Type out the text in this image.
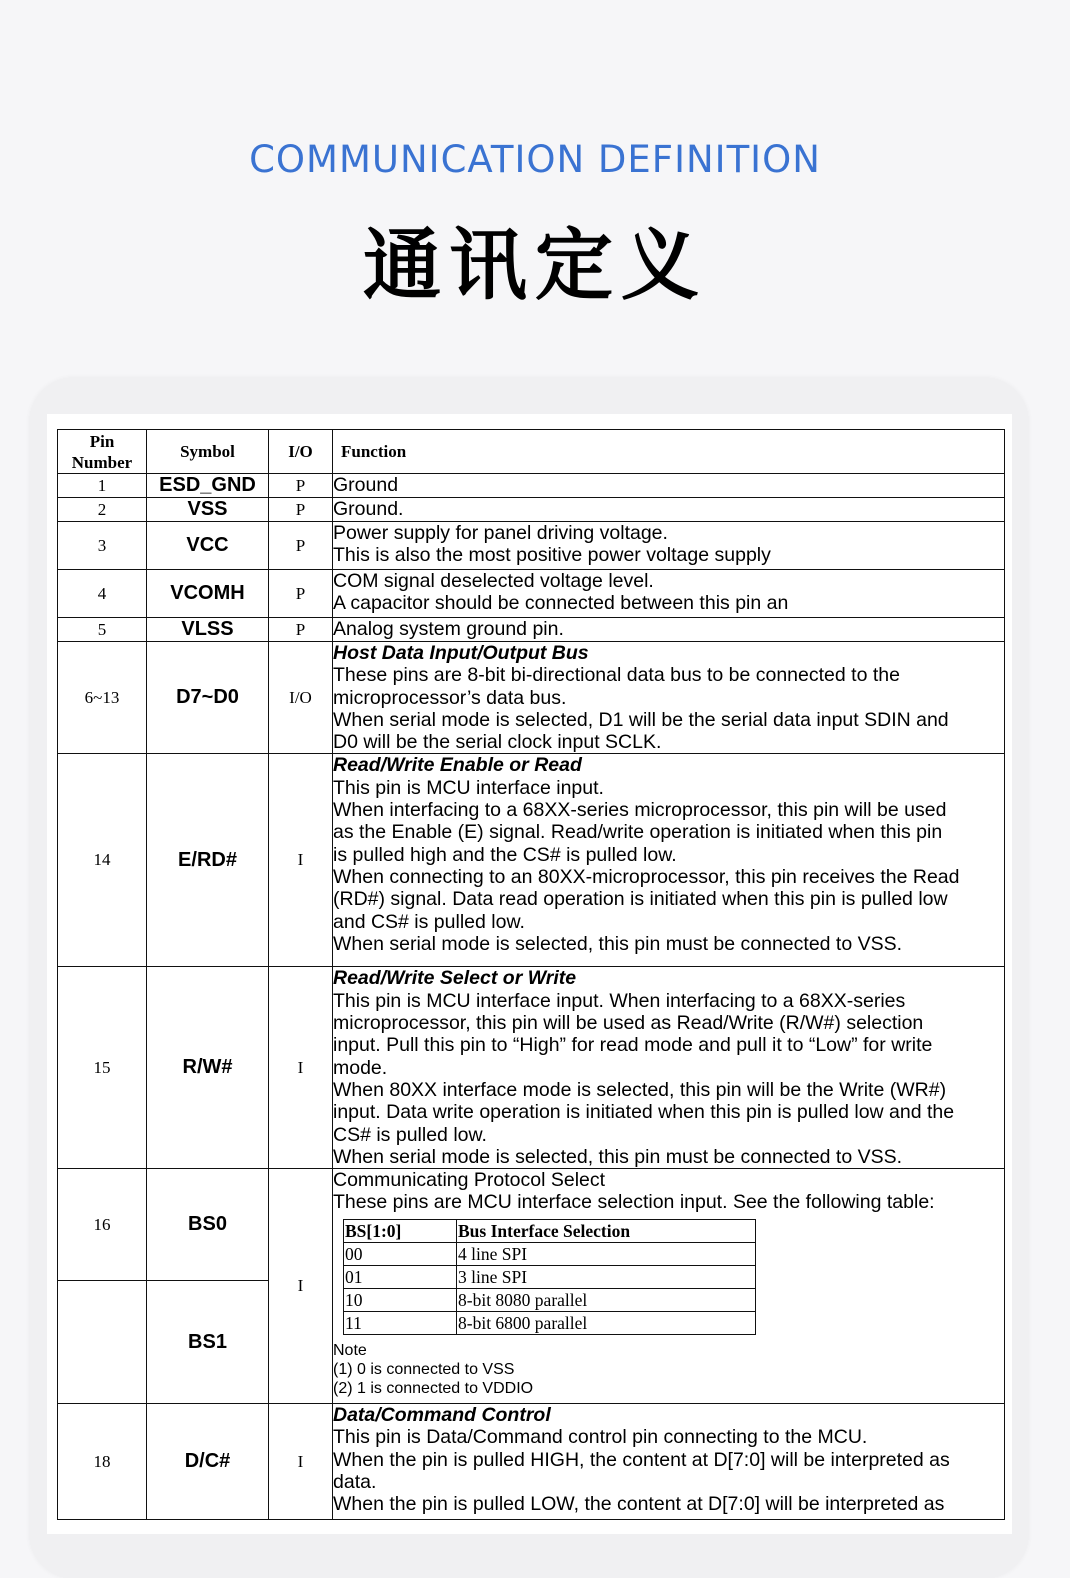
COMMUNICATION DEFINITION
通讯定义
Pin
Number
	Symbol	I/O	Function
1	ESD_GND	P	Ground

2	VSS	P	Ground.

3	VCC	P	
Power supply for panel driving voltage.
This is also the most positive power voltage supply

4	VCOMH	P	
COM signal deselected voltage level.
A capacitor should be connected between this pin an

5	VLSS	P	Analog system ground pin.

6~13	D7~D0	I/O	
Host Data Input/Output Bus
These pins are 8-bit bi-directional data bus to be connected to the
microprocessor’s data bus.
When serial mode is selected, D1 will be the serial data input SDIN and
D0 will be the serial clock input SCLK.

14	E/RD#	I	
Read/Write Enable or Read
This pin is MCU interface input.
When interfacing to a 68XX-series microprocessor, this pin will be used
as the Enable (E) signal. Read/write operation is initiated when this pin
is pulled high and the CS# is pulled low.
When connecting to an 80XX-microprocessor, this pin receives the Read
(RD#) signal. Data read operation is initiated when this pin is pulled low
and CS# is pulled low.
When serial mode is selected, this pin must be connected to VSS.

15	R/W#	I	
Read/Write Select or Write
This pin is MCU interface input. When interfacing to a 68XX-series
microprocessor, this pin will be used as Read/Write (R/W#) selection
input. Pull this pin to “High” for read mode and pull it to “Low” for write
mode.
When 80XX interface mode is selected, this pin will be the Write (WR#)
input. Data write operation is initiated when this pin is pulled low and the
CS# is pulled low.
When serial mode is selected, this pin must be connected to VSS.

16	BS0	I	
Communicating Protocol Select
These pins are MCU interface selection input. See the following table:
BS[1:0]	Bus Interface Selection
00	4 line SPI
01	3 line SPI
10	8-bit 8080 parallel
11	8-bit 6800 parallel
Note
(1) 0 is connected to VSS
(2) 1 is connected to VDDIO

	BS1
18	D/C#	I	
Data/Command Control
This pin is Data/Command control pin connecting to the MCU.
When the pin is pulled HIGH, the content at D[7:0] will be interpreted as
data.
When the pin is pulled LOW, the content at D[7:0] will be interpreted as
